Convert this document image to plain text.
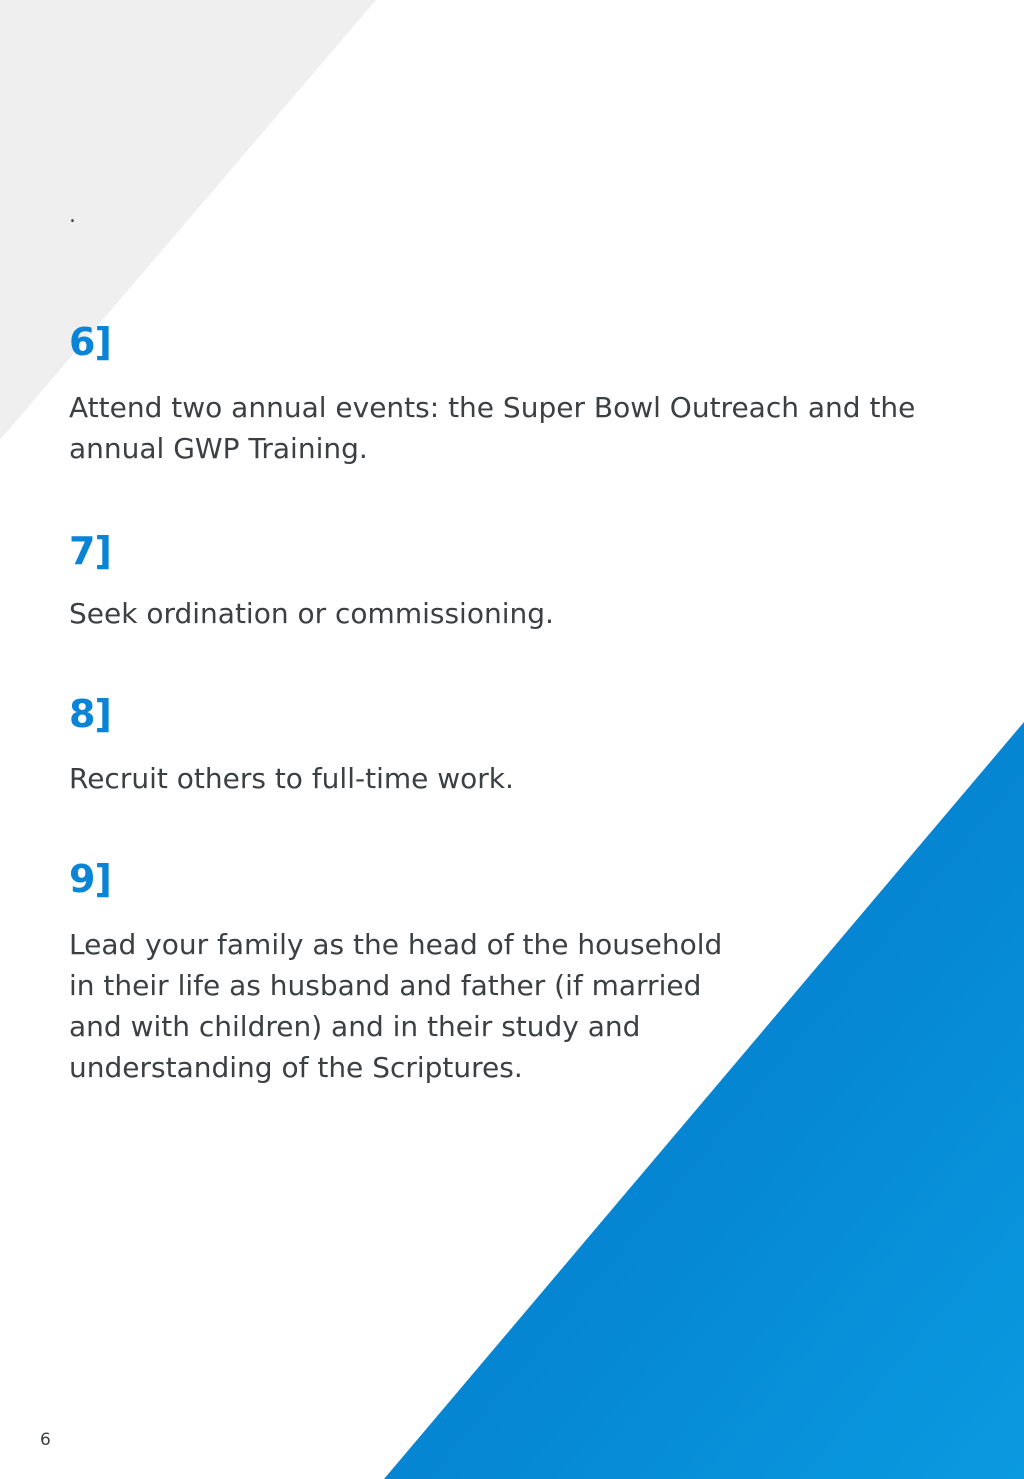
.
6]

Attend two annual events: the Super Bowl Outreach and the annual GWP Training.

7]

Seek ordination or commissioning.

8]

Recruit others to full-time work.

9]

Lead your family as the head of the household in their life as husband and father (if married and with children) and in their study and understanding of the Scriptures.

6
